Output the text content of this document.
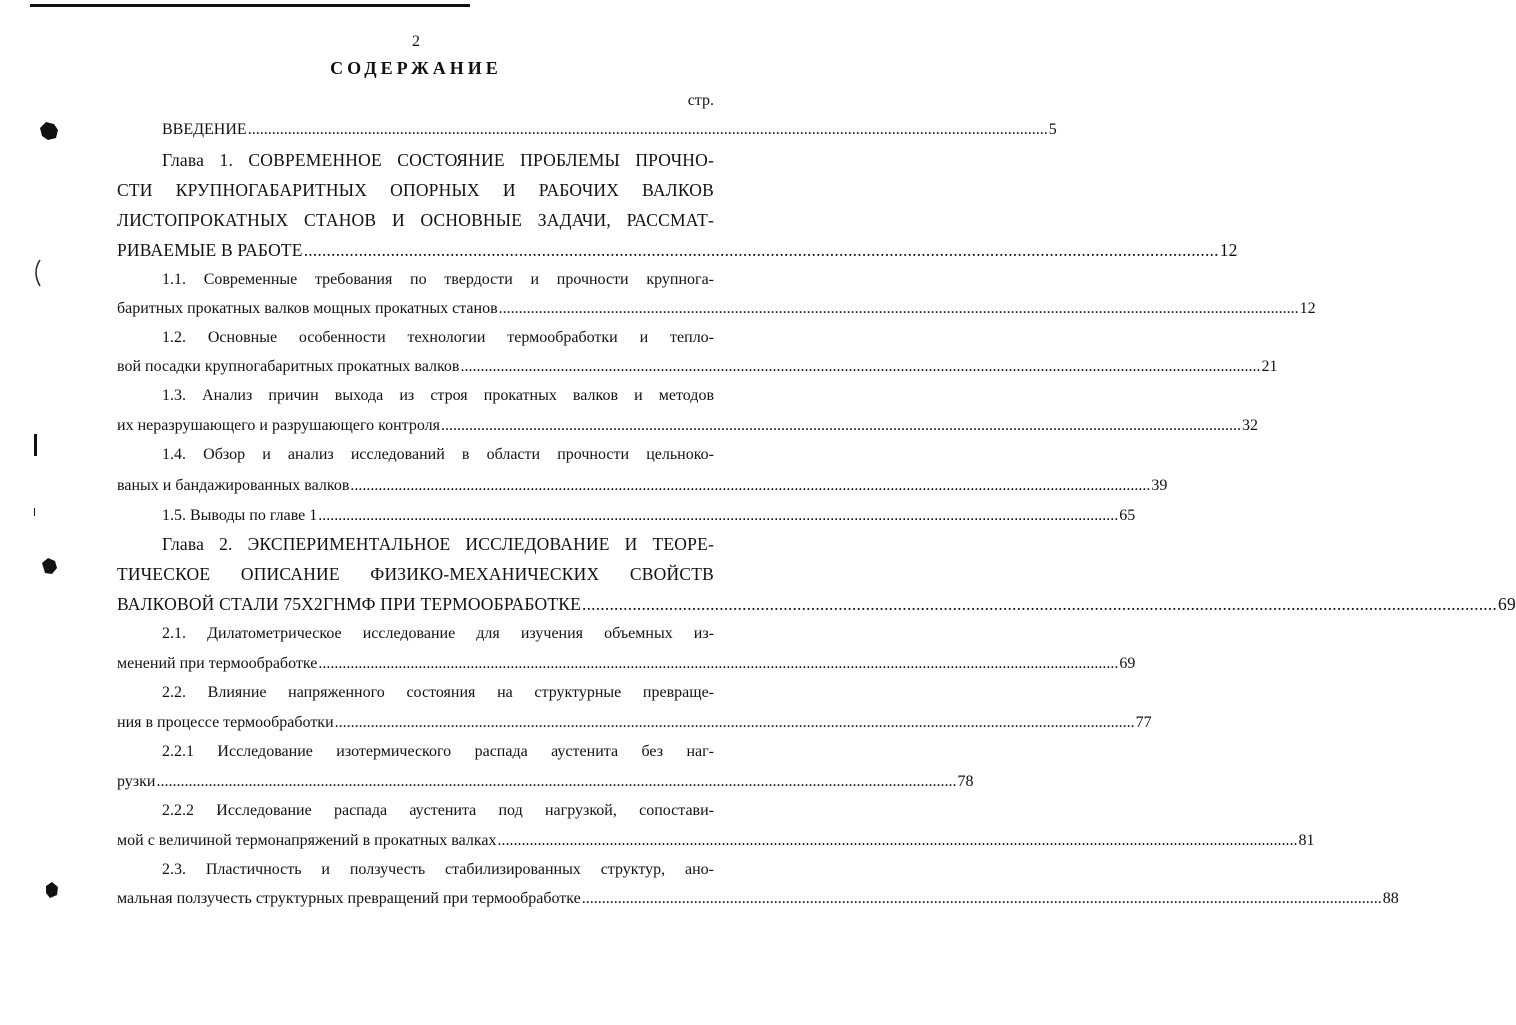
2
СОДЕРЖАНИЕ
стр.
ВВЕДЕНИЕ ........................................................................................................................................................................................................ 5
Глава 1. СОВРЕМЕННОЕ СОСТОЯНИЕ ПРОБЛЕМЫ ПРОЧНО-
СТИ КРУПНОГАБАРИТНЫХ ОПОРНЫХ И РАБОЧИХ ВАЛКОВ
ЛИСТОПРОКАТНЫХ СТАНОВ И ОСНОВНЫЕ ЗАДАЧИ, РАССМАТ-
РИВАЕМЫЕ В РАБОТЕ ........................................................................................................................................................................................................ 12
1.1. Современные требования по твердости и прочности крупнога-
баритных прокатных валков мощных прокатных станов ........................................................................................................................................................................................................ 12
1.2. Основные особенности технологии термообработки и тепло-
вой посадки крупногабаритных прокатных валков ........................................................................................................................................................................................................ 21
1.3. Анализ причин выхода из строя прокатных валков и методов
их неразрушающего и разрушающего контроля ........................................................................................................................................................................................................ 32
1.4. Обзор и анализ исследований в области прочности цельноко-
ваных и бандажированных валков ........................................................................................................................................................................................................ 39
1.5. Выводы по главе 1 ........................................................................................................................................................................................................ 65
Глава 2. ЭКСПЕРИМЕНТАЛЬНОЕ ИССЛЕДОВАНИЕ И ТЕОРЕ-
ТИЧЕСКОЕ ОПИСАНИЕ ФИЗИКО-МЕХАНИЧЕСКИХ СВОЙСТВ
ВАЛКОВОЙ СТАЛИ 75Х2ГНМФ ПРИ ТЕРМООБРАБОТКЕ ........................................................................................................................................................................................................ 69
2.1. Дилатометрическое исследование для изучения объемных из-
менений при термообработке ........................................................................................................................................................................................................ 69
2.2. Влияние напряженного состояния на структурные превраще-
ния в процессе термообработки ........................................................................................................................................................................................................ 77
2.2.1 Исследование изотермического распада аустенита без наг-
рузки ........................................................................................................................................................................................................ 78
2.2.2 Исследование распада аустенита под нагрузкой, сопостави-
мой с величиной термонапряжений в прокатных валках ........................................................................................................................................................................................................ 81
2.3. Пластичность и ползучесть стабилизированных структур, ано-
мальная ползучесть структурных превращений при термообработке ........................................................................................................................................................................................................ 88
